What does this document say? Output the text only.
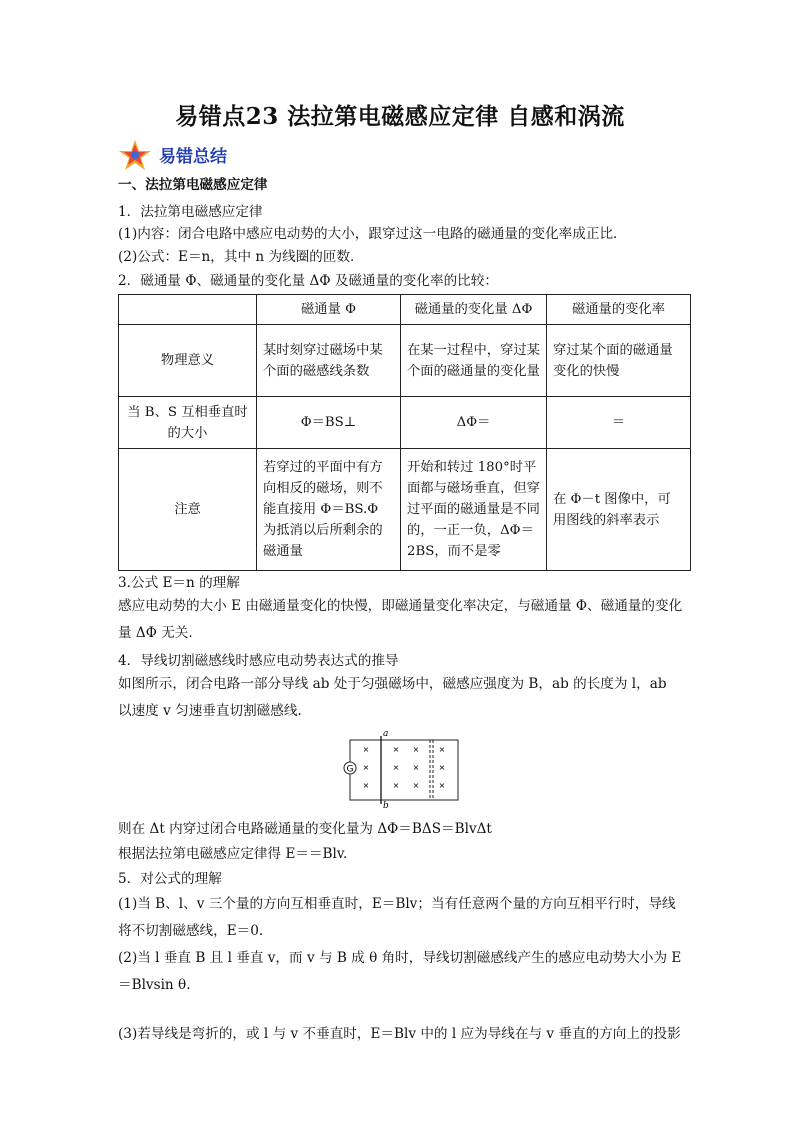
易错点23 法拉第电磁感应定律 自感和涡流
易错总结
一、法拉第电磁感应定律
1．法拉第电磁感应定律
(1)内容：闭合电路中感应电动势的大小，跟穿过这一电路的磁通量的变化率成正比．
(2)公式：E＝n，其中 n 为线圈的匝数．
2．磁通量 Φ、磁通量的变化量 ΔΦ 及磁通量的变化率的比较：
	磁通量 Φ	磁通量的变化量 ΔΦ	磁通量的变化率
物理意义	某时刻穿过磁场中某个面的磁感线条数	在某一过程中，穿过某个面的磁通量的变化量	穿过某个面的磁通量变化的快慢
当 B、S 互相垂直时的大小	Φ＝BS⊥	ΔΦ＝	＝
注意	若穿过的平面中有方向相反的磁场，则不能直接用 Φ＝BS.Φ 为抵消以后所剩余的磁通量	开始和转过 180°时平面都与磁场垂直，但穿过平面的磁通量是不同的，一正一负，ΔΦ＝2BS，而不是零	在 Φ－t 图像中，可用图线的斜率表示
3.公式 E＝n 的理解
感应电动势的大小 E 由磁通量变化的快慢，即磁通量变化率决定，与磁通量 Φ、磁通量的变化量 ΔΦ 无关.
4．导线切割磁感线时感应电动势表达式的推导
如图所示，闭合电路一部分导线 ab 处于匀强磁场中，磁感应强度为 B，ab 的长度为 l，ab 以速度 v 匀速垂直切割磁感线.
G
a
b
×	× × ×
×	× × ×
×	× × ×
则在 Δt 内穿过闭合电路磁通量的变化量为 ΔΦ＝BΔS＝BlvΔt
根据法拉第电磁感应定律得 E＝＝Blv.
5．对公式的理解
(1)当 B、l、v 三个量的方向互相垂直时，E＝Blv；当有任意两个量的方向互相平行时，导线将不切割磁感线，E＝0.
(2)当 l 垂直 B 且 l 垂直 v，而 v 与 B 成 θ 角时，导线切割磁感线产生的感应电动势大小为 E＝Blvsin θ.
(3)若导线是弯折的，或 l 与 v 不垂直时，E＝Blv 中的 l 应为导线在与 v 垂直的方向上的投影
